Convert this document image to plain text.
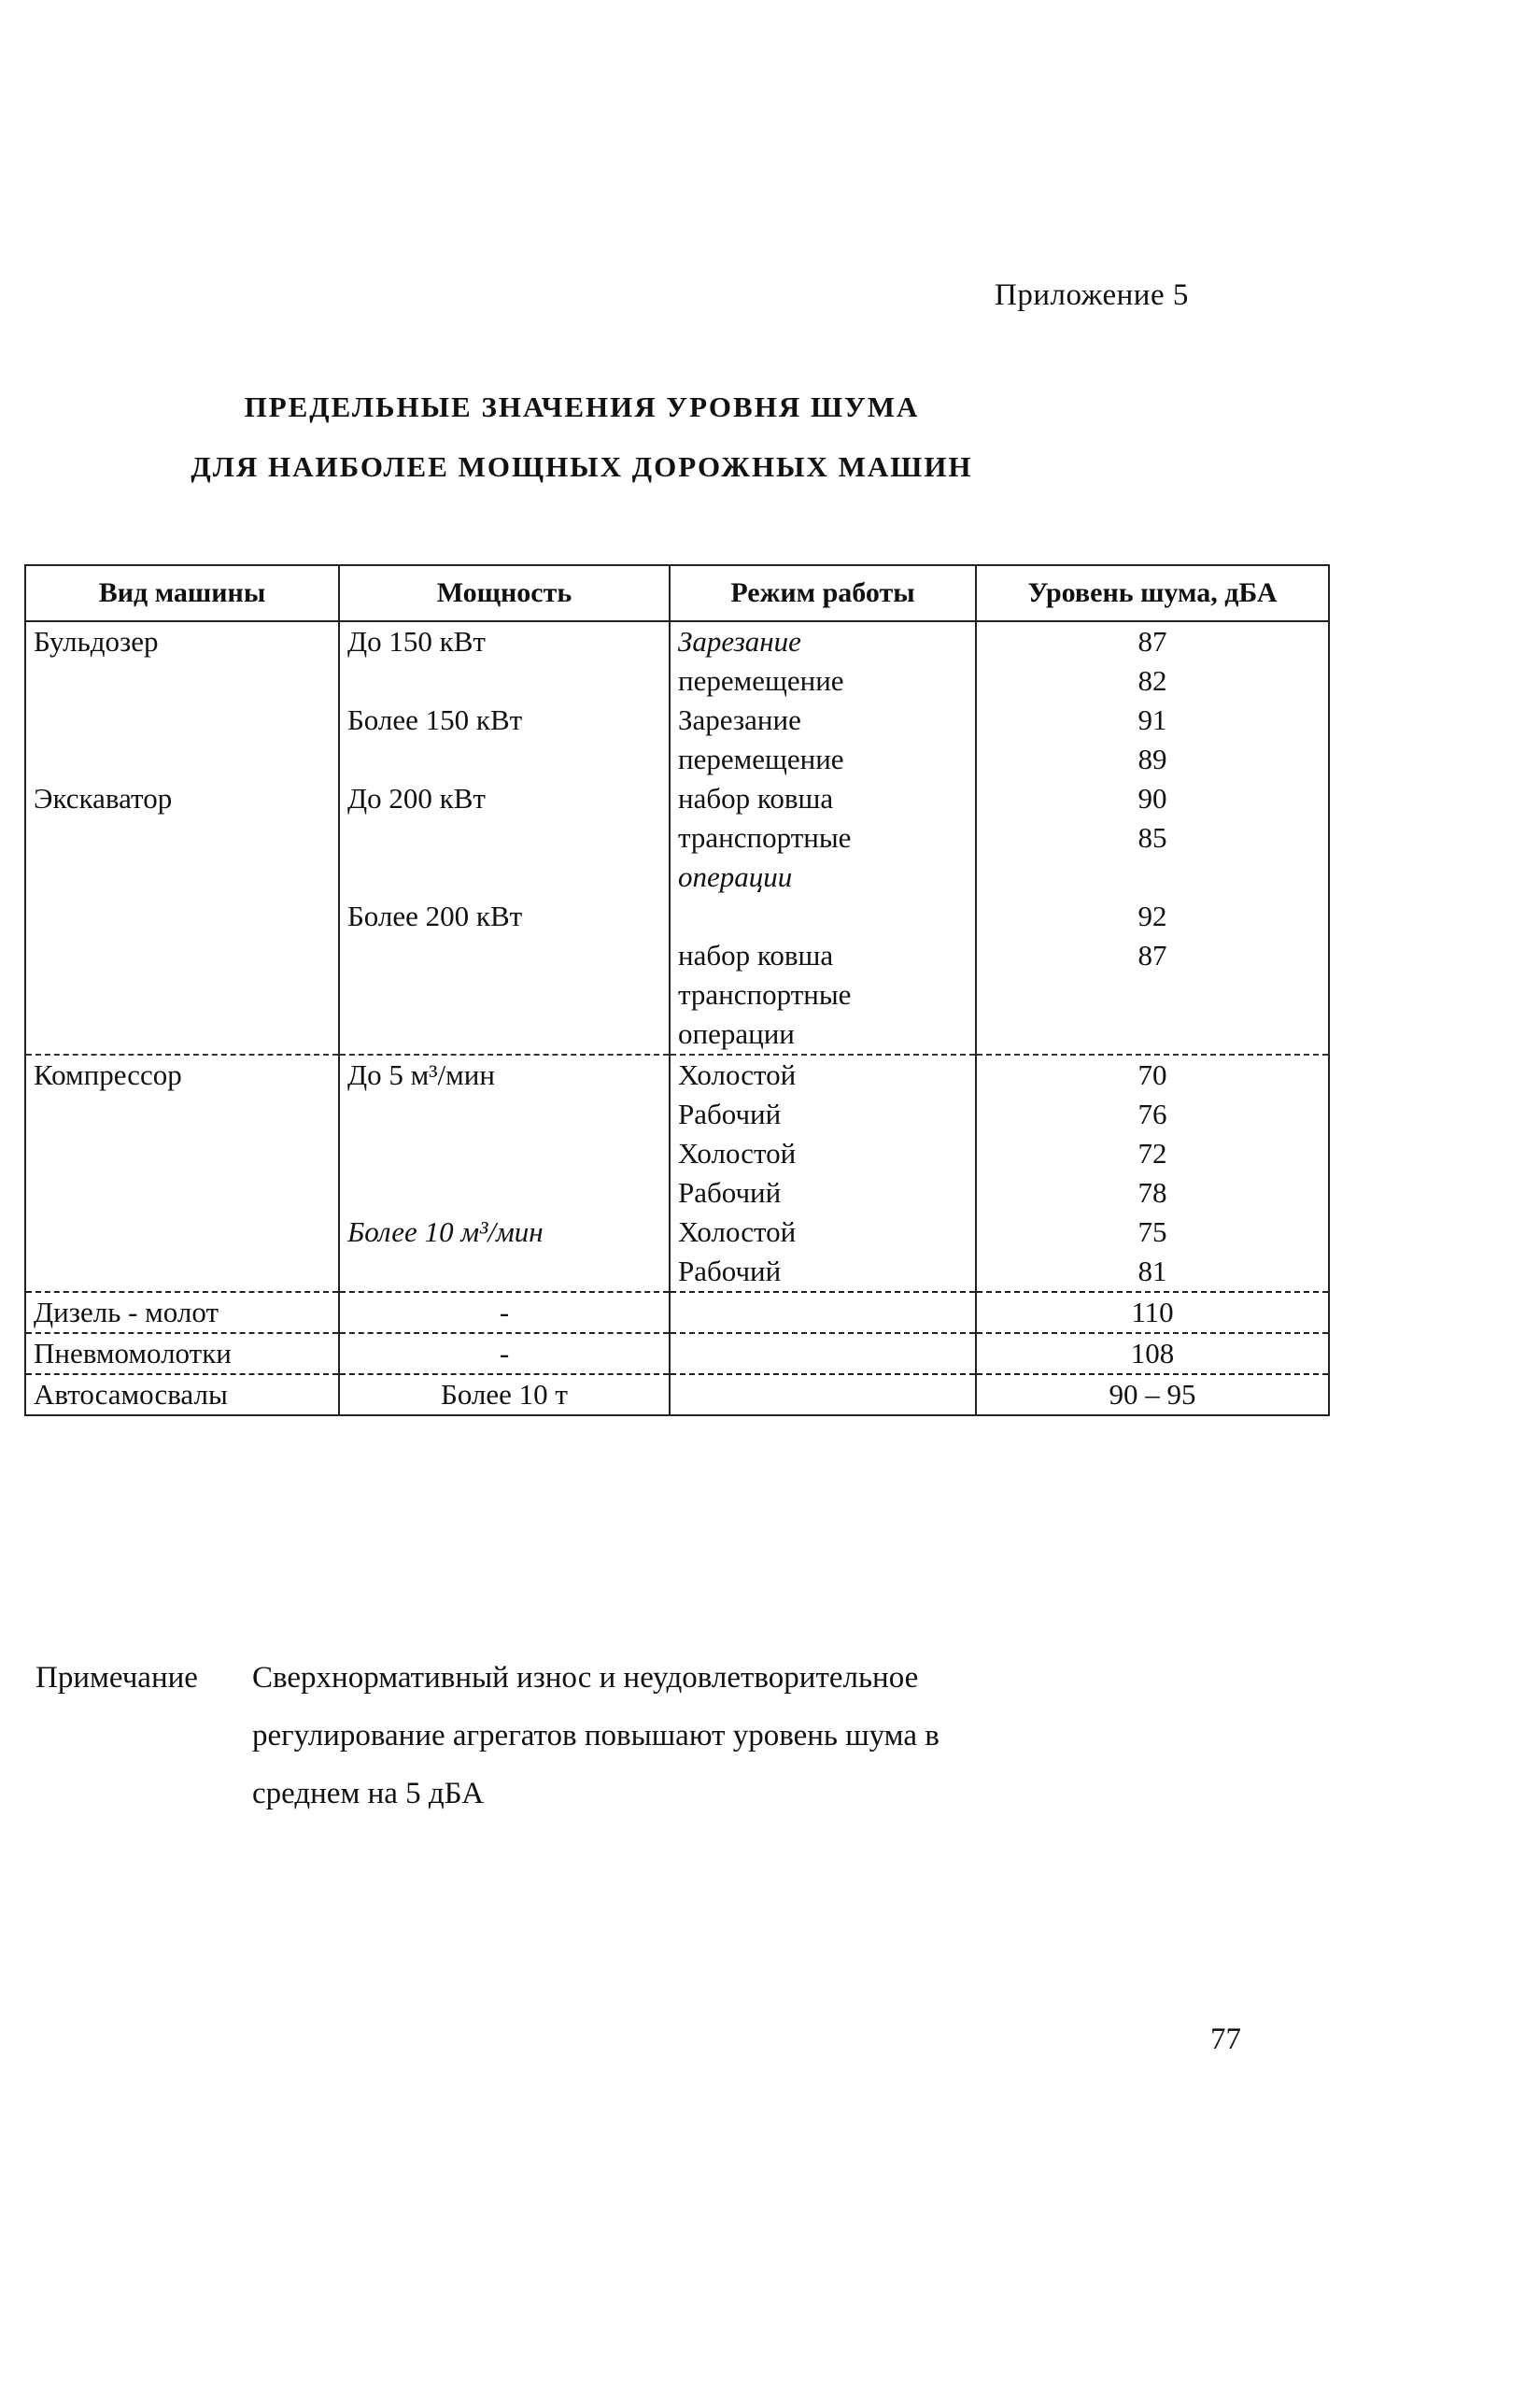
Приложение 5
ПРЕДЕЛЬНЫЕ ЗНАЧЕНИЯ УРОВНЯ ШУМА
ДЛЯ НАИБОЛЕЕ МОЩНЫХ ДОРОЖНЫХ МАШИН
Вид машины	Мощность	Режим работы	Уровень шума, дБА
Бульдозер	До 150 кВт	Зарезание	87
		перемещение	82

	Более 150 кВт	Зарезание	91
		перемещение	89
Экскаватор	До 200 кВт	набор ковша	90
		транспортные	85
		операции	
	Более 200 кВт		92
		набор ковша	87
		транспортные	
		операции	
Компрессор	До 5 м³/мин	Холостой	70
		Рабочий	76

		Холостой	72
		Рабочий	78

	Более 10 м³/мин	Холостой	75
		Рабочий	81
Дизель - молот	-		110
Пневмомолотки	-		108
Автосамосвалы	Более 10 т		90 – 95
Примечание Сверхнормативный износ и неудовлетворительное
регулирование агрегатов повышают уровень шума в
среднем на 5 дБА
77
